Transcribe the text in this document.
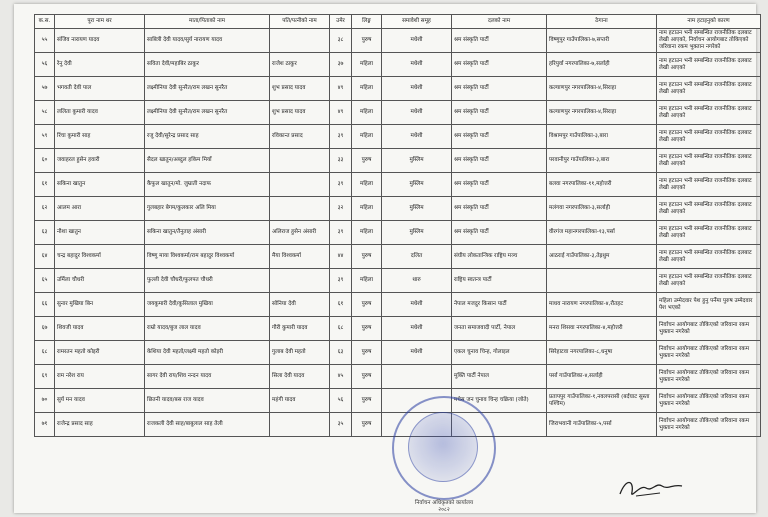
क.स.	पूरा नाम थर	माता/पिताको नाम	पति/पत्नीको नाम	उमेर	लिङ्ग	समावेशी समूह	दलको नाम	ठेगाना	नाम हटाइनुको कारण
५५	संजिव नारायण यादव	साबित्री देवी यादव/सुर्य नारायण यादव		३८	पुरुष	मधेशी	श्रम संस्कृति पार्टी	विष्णुपुर गाउँपालिका-७,सप्तरी	नाम हटाउन भनी सम्बन्धित राजनीतिक दलबाट लेखी आएको, निर्वाचन आयोगबाट तोकिएको जरिवाना रकम भुक्तान नगरेको
५६	रेनु देवी	सविता देवी/महाबिर ठाकुर	राजेश ठाकुर	३७	महिला	मधेशी	श्रम संस्कृति पार्टी	हरिपुर्वा नगरपालिका-७,सर्लाही	नाम हटाउन भनी सम्बन्धित राजनीतिक दलबाट लेखी आएको
५७	भगवती देवी पाल	लक्ष्मीनिया देवी सुनरैत/राम लखन सुनरैत	शुभ प्रसाद यादव	४९	महिला	मधेशी	श्रम संस्कृति पार्टी	कल्याणपुर नगरपालिका-४,सिराहा	नाम हटाउन भनी सम्बन्धित राजनीतिक दलबाट लेखी आएको
५८	ललिता कुमारी यादव	लक्ष्मीनिया देवी सुनरैत/राम लखन सुनरैत	शुभ प्रसाद यादव	४९	महिला	मधेशी	श्रम संस्कृति पार्टी	कल्याणपुर नगरपालिका-४,सिराहा	नाम हटाउन भनी सम्बन्धित राजनीतिक दलबाट लेखी आएको
५९	रिंचा कुमारी साह	रजु देवी/सुरेन्द्र प्रसाद साह	रविकान्त प्रसाद	३९	महिला	मधेशी	श्रम संस्कृति पार्टी	विश्रामपुर गाउँपालिका-३,बारा	नाम हटाउन भनी सम्बन्धित राजनीतिक दलबाट लेखी आएको
६०	जवाहरल हुसेन हवारी	सैदल खातुन/अब्दुल हकिम मियाँ		३३	पुरुष	मुस्लिम	श्रम संस्कृति पार्टी	परवानीपुर गाउँपालिका-३,बारा	नाम हटाउन भनी सम्बन्धित राजनीतिक दलबाट लेखी आएको
६१	सकिना खातुन	कैफुल खातुन/मो. जुम्राती नदाफ		३९	महिला	मुस्लिम	श्रम संस्कृति पार्टी	बलवा नगरपालिका-११,महोत्तरी	नाम हटाउन भनी सम्बन्धित राजनीतिक दलबाट लेखी आएको
६२	आलम आरा	गुलबहार बेगम/कुलकार अलि मिया		३२	महिला	मुस्लिम	श्रम संस्कृति पार्टी	मलंगवा नगरपालिका-३,सर्लाही	नाम हटाउन भनी सम्बन्धित राजनीतिक दलबाट लेखी आएको
६३	नौशा खातुन	सकिना खातुन/तैनुताह अंसारी	अलिराज हुसेन अंसारी	३९	महिला	मुस्लिम	श्रम संस्कृति पार्टी	वीरगंज महानगरपालिका-१३,पर्सा	नाम हटाउन भनी सम्बन्धित राजनीतिक दलबाट लेखी आएको
६४	चन्द्र बहादुर विश्वकर्मा	विष्णु माया विश्वकर्मा/राम बहादुर विश्वकर्मा	मैया विश्वकर्मा	४४	पुरुष	दलित	संघीय लोकतान्त्रिक राष्ट्रिय मञ्च	आठराई गाउँपालिका-३,तेह्रथुम	नाम हटाउन भनी सम्बन्धित राजनीतिक दलबाट लेखी आएको
६५	उर्मिला चौधरी	फुल्ली देवी चौधरी/फुलपत चौधरी		३९	महिला	थारु	राष्ट्रिय स्वतन्त्र पार्टी		नाम हटाउन भनी सम्बन्धित राजनीतिक दलबाट लेखी आएको
६६	सुनार मुखिया बिन	जयकुमारी देवी/कुसिलाल मुखिया	सोनिया देवी	६१	पुरुष	मधेशी	नेपाल मजदुर किसान पार्टी	माधव नारायण नगरपालिका-४,रौतहट	महिला उम्मेदवार पेश हुनु पर्नेमा पुरुष उम्मेदवार पेश भएको
६७	शिवजी यादव	राम्रो यादव/बुज लाल यादव	गौरी कुमारी यादव	६८	पुरुष	मधेशी	जनता समाजवादी पार्टी, नेपाल	मनरा शिसवा नगरपालिका-४,महोत्तरी	निर्वाचन आयोगबाट तोकिएको जरिवाना रकम भुक्तान नगरेको
६८	रामरतन महतो कोइरी	केशिया देवी महतो/लक्ष्मी महतो कोइरी	गुलाब देवी महतो	६३	पुरुष	मधेशी	एकल चुनाव चिन्ह, गोलाइल	सिरेहाटवा नगरपालिका-८,धनुषा	निर्वाचन आयोगबाट तोकिएको जरिवाना रकम भुक्तान नगरेको
६९	राम नरेश राय	सागर देवी राय/शिव नन्दन यादव	सिला देवी यादव	४५	पुरुष		मुक्ति पार्टी नेपाल	पर्सा गाउँपालिका-४,सर्लाही	निर्वाचन आयोगबाट तोकिएको जरिवाना रकम भुक्तान नगरेको
७०	सुर्य मन यादव	छितनी यादव/बस राज यादव	महंगी यादव	५६	पुरुष		मधेस जन चुनाव चिन्ह चक्रिया (जोते)	प्रतापपुर गाउँपालिका-१,नवलपरासी (बर्दघाट सुस्ता पश्चिम)	निर्वाचन आयोगबाट तोकिएको जरिवाना रकम भुक्तान नगरेको
७१	राजेन्द्र प्रसाद साह	राजकली देवी साह/बाबुलाल साह तेली		३५	पुरुष			जिराभवानी गाउँपालिका-५,पर्सा	निर्वाचन आयोगबाट तोकिएको जरिवाना रकम भुक्तान नगरेको
निर्वाचन अधिकृतको कार्यालय
२०८२
